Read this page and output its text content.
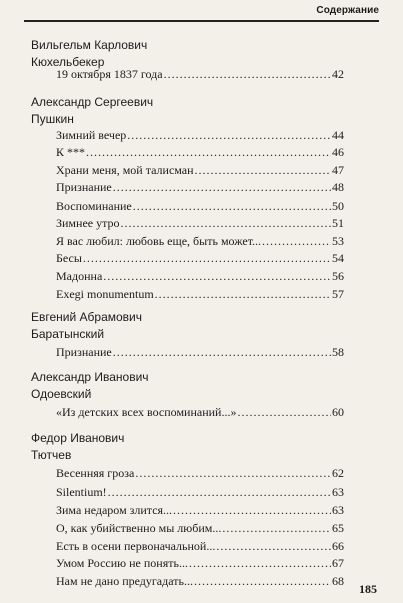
Содержание
Вильгельм Карлович
Кюхельбекер
19 октября 1837 года .....	42
Александр Сергеевич
Пушкин
Зимний вечер .....	44
К *** .....	46
Храни меня, мой талисман .....	47
Признание .....	48
Воспоминание .....	50
Зимнее утро .....	51
Я вас любил: любовь еще, быть может... .....	53
Бесы .....	54
Мадонна .....	56
Exegi monumentum .....	57
Евгений Абрамович
Баратынский
Признание .....	58
Александр Иванович
Одоевский
«Из детских всех воспоминаний...» .....	60
Федор Иванович
Тютчев
Весенняя гроза .....	62
Silentium! .....	63
Зима недаром злится... .....	63
О, как убийственно мы любим... .....	65
Есть в осени первоначальной... .....	66
Умом Россию не понять... .....	67
Нам не дано предугадать... .....	68
185
